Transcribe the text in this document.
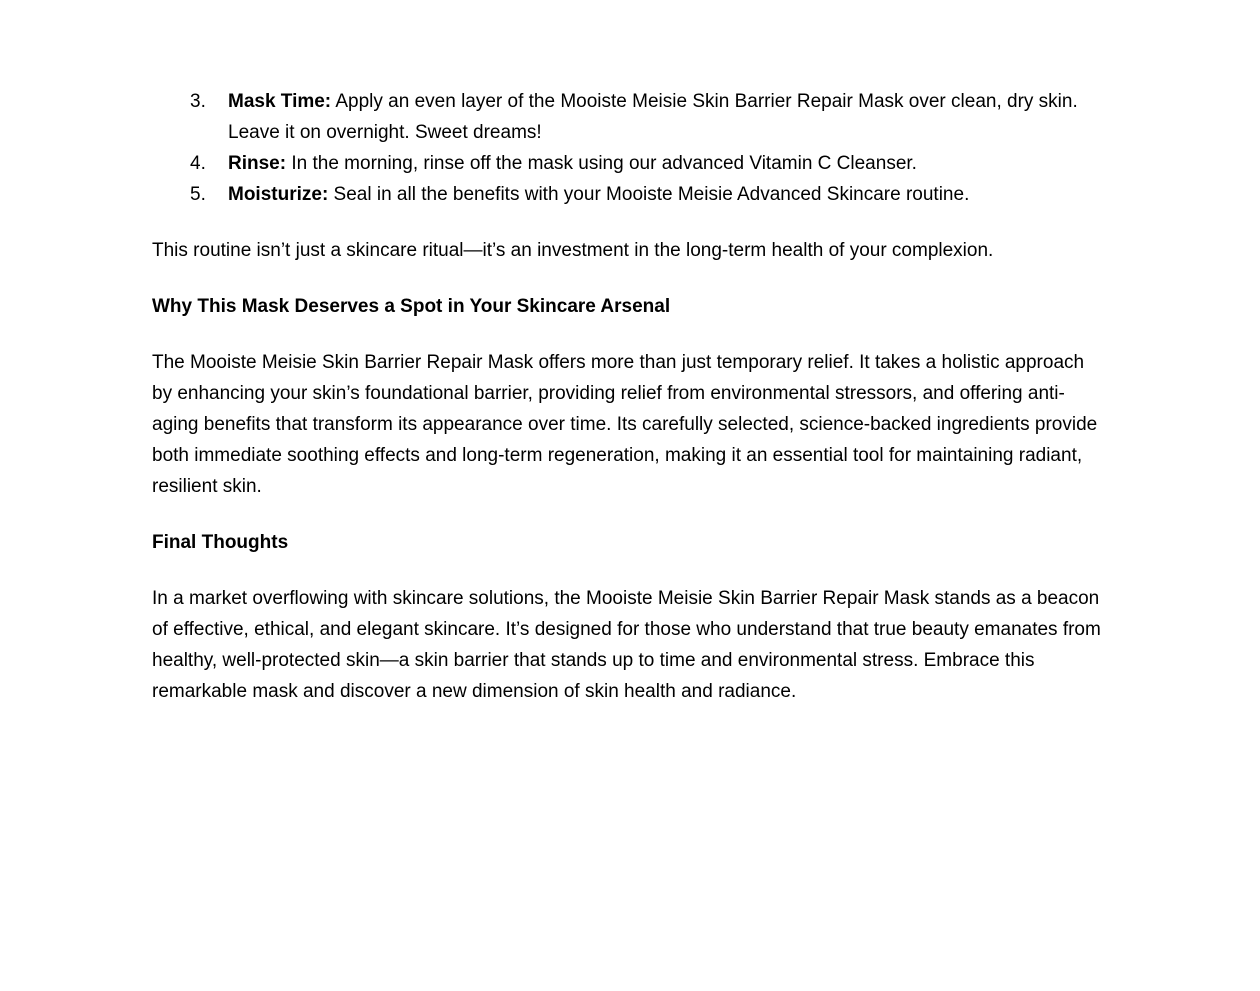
3. Mask Time: Apply an even layer of the Mooiste Meisie Skin Barrier Repair Mask over clean, dry skin. Leave it on overnight. Sweet dreams!
4. Rinse: In the morning, rinse off the mask using our advanced Vitamin C Cleanser.
5. Moisturize: Seal in all the benefits with your Mooiste Meisie Advanced Skincare routine.

This routine isn’t just a skincare ritual—it’s an investment in the long-term health of your complexion.

Why This Mask Deserves a Spot in Your Skincare Arsenal

The Mooiste Meisie Skin Barrier Repair Mask offers more than just temporary relief. It takes a holistic approach by enhancing your skin’s foundational barrier, providing relief from environmental stressors, and offering anti-aging benefits that transform its appearance over time. Its carefully selected, science-backed ingredients provide both immediate soothing effects and long-term regeneration, making it an essential tool for maintaining radiant, resilient skin.

Final Thoughts

In a market overflowing with skincare solutions, the Mooiste Meisie Skin Barrier Repair Mask stands as a beacon of effective, ethical, and elegant skincare. It’s designed for those who understand that true beauty emanates from healthy, well-protected skin—a skin barrier that stands up to time and environmental stress. Embrace this remarkable mask and discover a new dimension of skin health and radiance.
